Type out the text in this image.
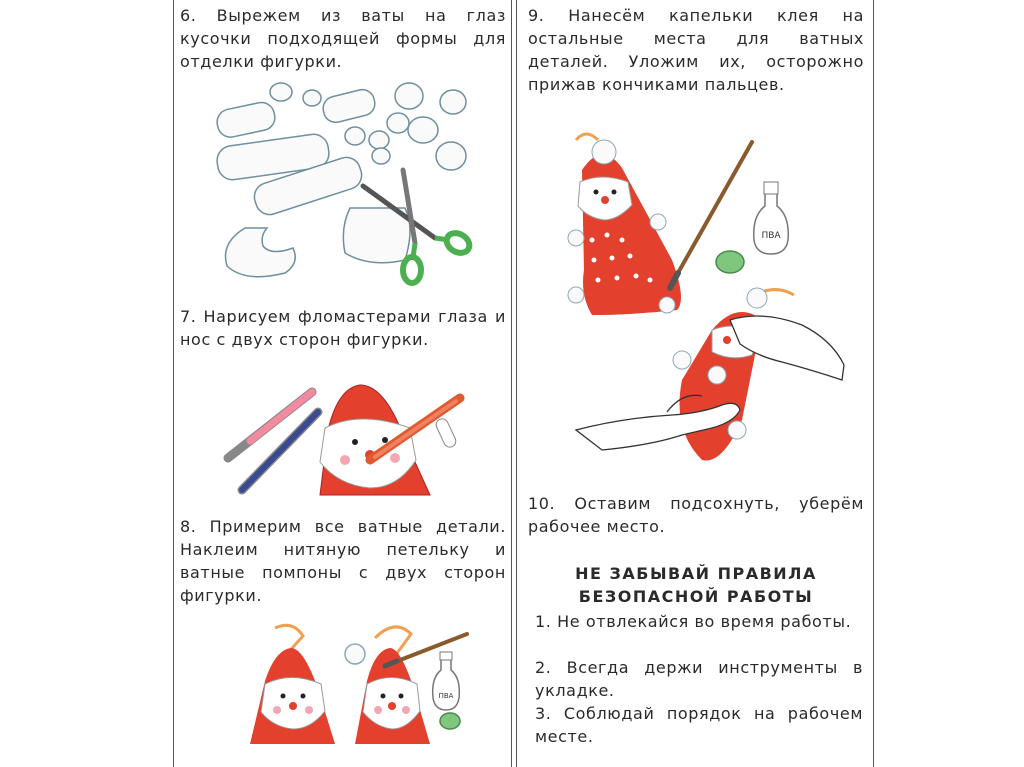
6. Вырежем из ваты на глаз кусочки подходящей формы для отделки фигурки.
7. Нарисуем фломастерами глаза и нос с двух сторон фигурки.
8. Примерим все ватные детали. Наклеим нитяную петельку и ватные помпоны с двух сторон фигурки.
ПВА
9. Нанесём капельки клея на остальные места для ватных деталей. Уложим их, осторожно прижав кончиками пальцев.
ПВА
10. Оставим подсохнуть, уберём рабочее место.
НЕ ЗАБЫВАЙ ПРАВИЛА БЕЗОПАСНОЙ РАБОТЫ
1. Не отвлекайся во время работы.
2. Всегда держи инструменты в укладке.
3. Соблюдай порядок на рабочем месте.
